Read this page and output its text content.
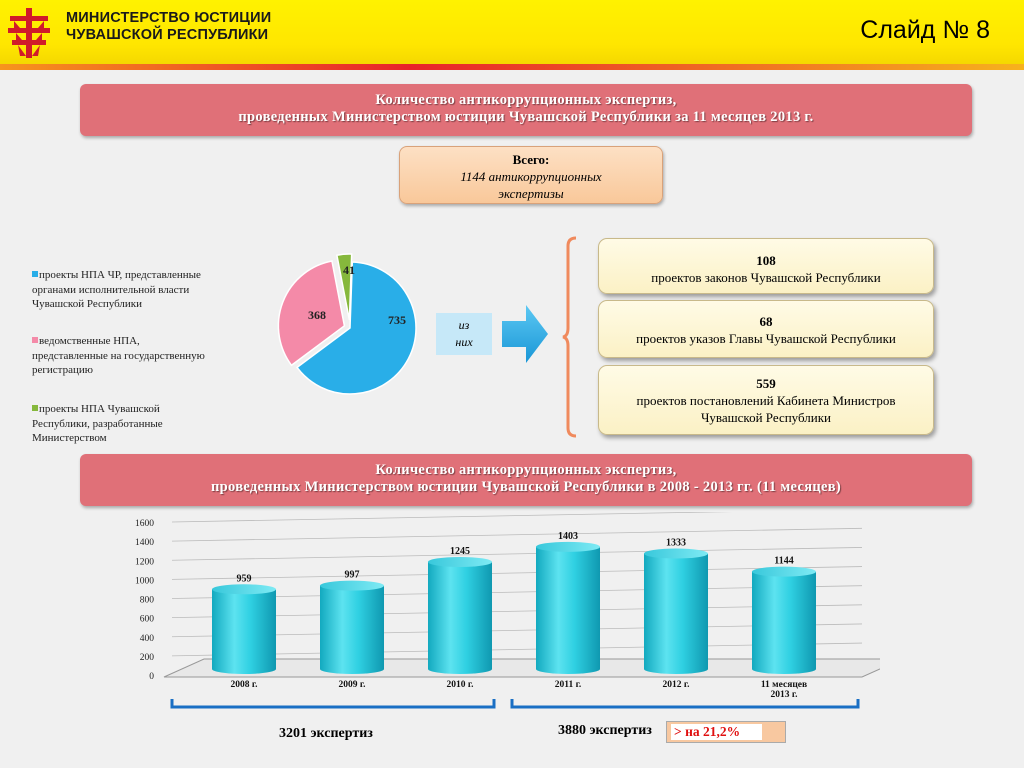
МИНИСТЕРСТВО ЮСТИЦИИ
ЧУВАШСКОЙ РЕСПУБЛИКИ	Слайд № 8
Количество антикоррупционных экспертиз,
проведенных Министерством юстиции Чувашской Республики за 11 месяцев 2013 г.
Всего:
1144 антикоррупционных
экспертизы
проекты НПА ЧР, представленные органами исполнительной власти Чувашской Республики
ведомственные НПА, представленные на государственную регистрацию
проекты НПА Чувашской Республики, разработанные Министерством
735
368
41
из
них
108
проектов законов Чувашской Республики
68
проектов указов Главы Чувашской Республики
559
проектов постановлений Кабинета Министров Чувашской Республики
Количество антикоррупционных экспертиз,
проведенных Министерством юстиции Чувашской Республики в 2008 - 2013 гг. (11 месяцев)
0
200
400
600
800
1000
1200
1400
1600
959
2008 г.
997
2009 г.
1245
2010 г.
1403
2011 г.
1333
2012 г.
1144
11 месяцев
2013 г.
3201 экспертиз	3880 экспертиз > на 21,2%
